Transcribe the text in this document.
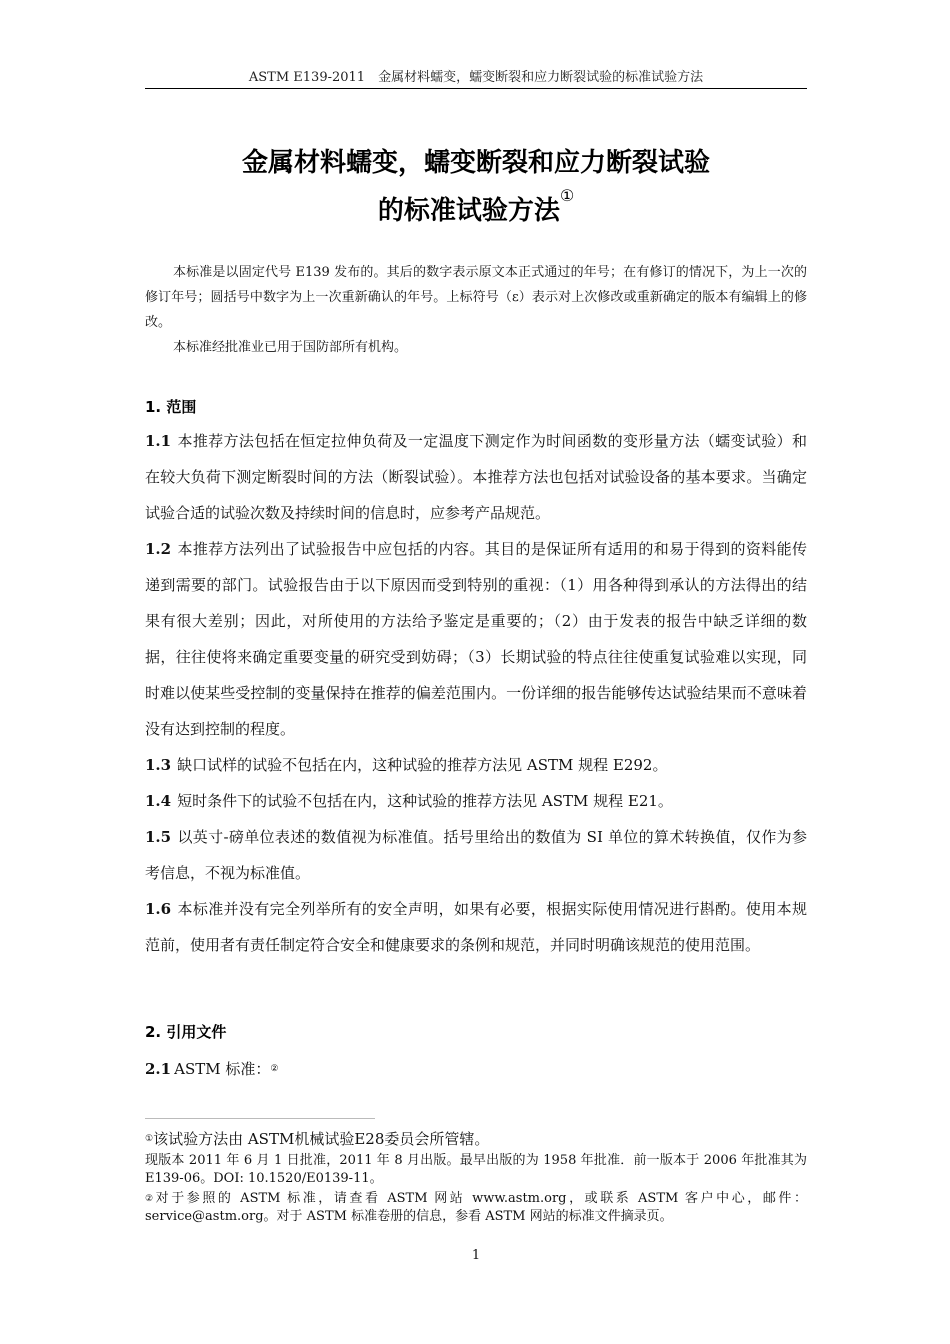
ASTM E139-2011　金属材料蠕变，蠕变断裂和应力断裂试验的标准试验方法
金属材料蠕变，蠕变断裂和应力断裂试验
的标准试验方法①

本标准是以固定代号 E139 发布的。其后的数字表示原文本正式通过的年号；在有修订的情况下，为上一次的修订年号；圆括号中数字为上一次重新确认的年号。上标符号（ε）表示对上次修改或重新确定的版本有编辑上的修改。

本标准经批准业已用于国防部所有机构。

1. 范围

1.1 本推荐方法包括在恒定拉伸负荷及一定温度下测定作为时间函数的变形量方法（蠕变试验）和在较大负荷下测定断裂时间的方法（断裂试验）。本推荐方法也包括对试验设备的基本要求。当确定试验合适的试验次数及持续时间的信息时，应参考产品规范。

1.2 本推荐方法列出了试验报告中应包括的内容。其目的是保证所有适用的和易于得到的资料能传递到需要的部门。试验报告由于以下原因而受到特别的重视：（1）用各种得到承认的方法得出的结果有很大差别；因此，对所使用的方法给予鉴定是重要的；（2）由于发表的报告中缺乏详细的数据，往往使将来确定重要变量的研究受到妨碍；（3）长期试验的特点往往使重复试验难以实现，同时难以使某些受控制的变量保持在推荐的偏差范围内。一份详细的报告能够传达试验结果而不意味着没有达到控制的程度。

1.3 缺口试样的试验不包括在内，这种试验的推荐方法见 ASTM 规程 E292。

1.4 短时条件下的试验不包括在内，这种试验的推荐方法见 ASTM 规程 E21。

1.5 以英寸-磅单位表述的数值视为标准值。括号里给出的数值为 SI 单位的算术转换值，仅作为参考信息，不视为标准值。

1.6 本标准并没有完全列举所有的安全声明，如果有必要，根据实际使用情况进行斟酌。使用本规范前，使用者有责任制定符合安全和健康要求的条例和规范，并同时明确该规范的使用范围。

2. 引用文件

2.1 ASTM 标准：②

①该试验方法由 ASTM机械试验E28委员会所管辖。

现版本 2011 年 6 月 1 日批准，2011 年 8 月出版。最早出版的为 1958 年批准．前一版本于 2006 年批准其为 E139-06。DOI: 10.1520/E0139-11。

②对于参照的 ASTM 标准，请查看 ASTM 网站 www.astm.org，或联系 ASTM 客户中心，邮件：service@astm.org。对于 ASTM 标准卷册的信息，参看 ASTM 网站的标准文件摘录页。

1
